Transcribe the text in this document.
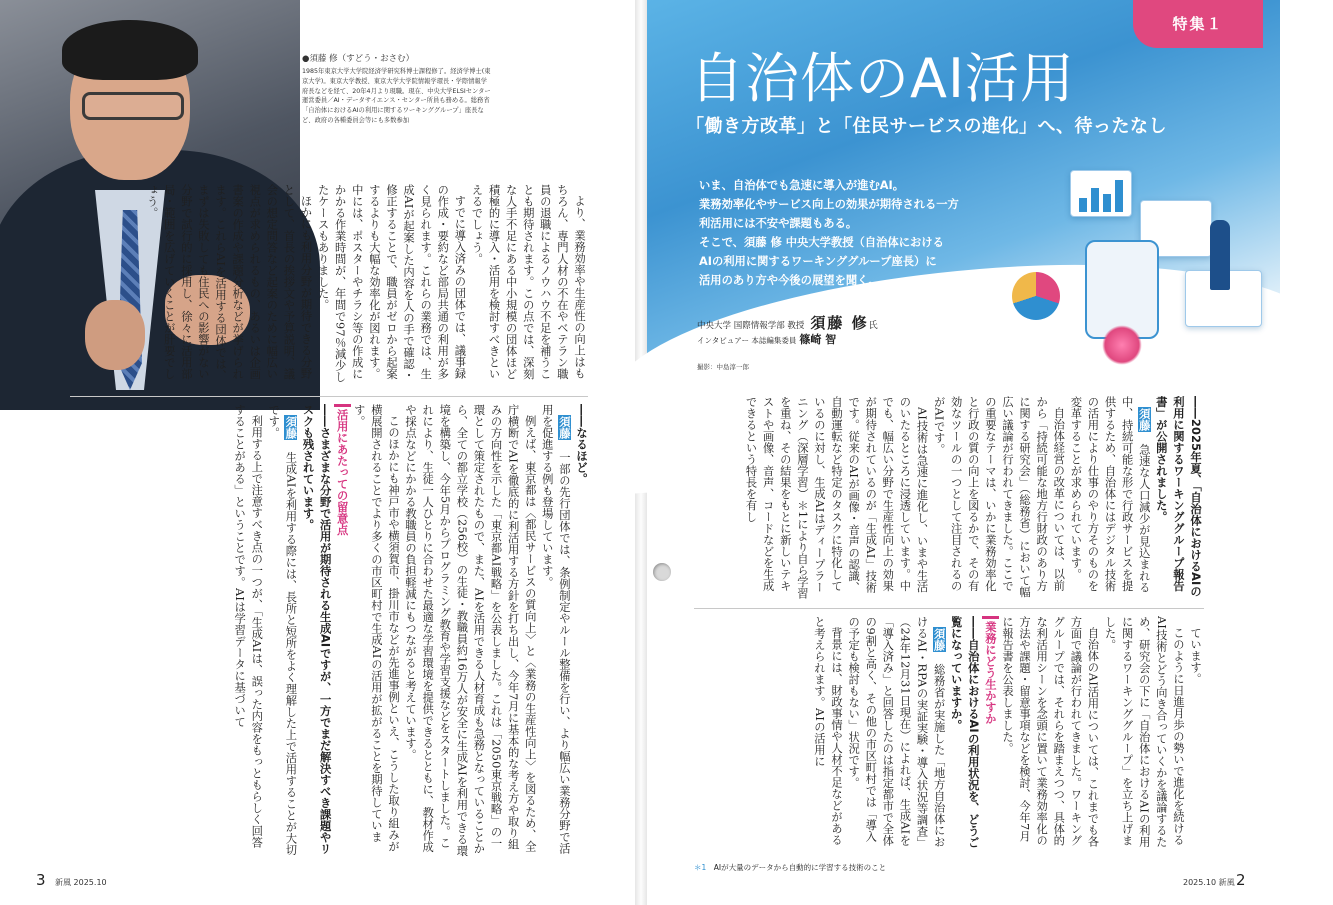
●須藤 修（すどう・おさむ）
1985年東京大学大学院経済学研究科博士課程修了。経済学博士(東京大学)。東京大学教授、東京大学大学院情報学環長・学際情報学府長などを経て、20年4月より現職。現在、中央大学ELSIセンター運営委員／AI・データサイエンス・センター所員も務める。総務省「自治体におけるAIの利用に関するワーキンググループ」座長など、政府の各種委員会等にも多数参加

より、業務効率や生産性の向上はもちろん、専門人材の不在やベテラン職員の退職によるノウハウ不足を補うことも期待されます。この点では、深刻な人手不足にある中小規模の団体ほど積極的に導入・活用を検討すべきといえるでしょう。

すでに導入済みの団体では、議事録の作成・要約など部局共通の利用が多く見られます。これらの業務では、生成AIが起案した内容を人の手で確認・修正することで、職員がゼロから起案するよりも大幅な効率化が図れます。中には、ポスターやチラシ等の作成にかかる作業時間が、年間で97％減少したケースもありました。

ほかにも利用分野が期待できる分野として、首長の挨拶文や予算説明、議会の想定問答など起案のために幅広い視点が求められるもの、あるいは企画書案の作成や課題分析などが挙げられます。これらAIを活用する団体では、まずは失敗しても住民への影響がない分野で試行的に採用し、徐々に活用部局・範囲を広げていくことが肝要でしょう。

――なるほど。

須藤　一部の先行団体では、条例制定やルール整備を行い、より幅広い業務分野で活用を促進する例も登場しています。

例えば、東京都は〈都民サービスの質向上〉と〈業務の生産性向上〉を図るため、全庁横断でAIを徹底的に利活用する方針を打ち出し、今年7月に基本的な考え方や取り組みの方向性を示した「東京都AI戦略」を公表しました。これは「2050東京戦略」の一環として策定されたもので、また、AIを活用できる人材育成も急務となっていることから、全ての都立学校（256校）の生徒・教職員約16万人が安全に生成AIを利用できる環境を構築し、今年5月からプログラミング教育や学習支援などをスタートしました。これにより、生徒一人ひとりに合わせた最適な学習環境を提供できるとともに、教材作成や採点などにかかる教職員の負担軽減にもつながると考えています。

このほかにも神戸市や横須賀市、掛川市などが先進事例といえ、こうした取り組みが横展開されることでより多くの市区町村で生成AIの活用が拡がることを期待しています。

活用にあたっての留意点

――さまざまな分野で活用が期待される生成AIですが、一方でまだ解決すべき課題やリスクも残されています。

須藤　生成AIを利用する際には、長所と短所をよく理解した上で活用することが大切です。

利用する上で注意すべき点の一つが、「生成AIは、誤った内容をもっともらしく回答することがある」ということです。AIは学習データに基づいて

3 新風 2025.10
特集１
自治体のAI活用
「働き方改革」と「住民サービスの進化」へ、待ったなし
いま、自治体でも急速に導入が進むAI。
業務効率化やサービス向上の効果が期待される一方
利活用には不安や課題もある。
そこで、須藤 修 中央大学教授（自治体における
AIの利用に関するワーキンググループ座長）に
活用のあり方や今後の展望を聞く。
中央大学 国際情報学部 教授 須藤 修氏
インタビュアー 本誌編集委員 篠崎 智
撮影：中島淳一郎

――2025年夏、「自治体におけるAIの利用に関するワーキンググループ報告書」が公開されました。

須藤　急速な人口減少が見込まれる中、持続可能な形で行政サービスを提供するため、自治体にはデジタル技術の活用により仕事のやり方そのものを変革することが求められています。

自治体経営の改革については、以前から「持続可能な地方行財政のあり方に関する研究会」（総務省）において幅広い議論が行われてきました。ここでの重要なテーマは、いかに業務効率化と行政の質の向上を図るかで、その有効なツールの一つとして注目されるのがAIです。

AI技術は急速に進化し、いまや生活のいたるところに浸透しています。中でも、幅広い分野で生産性向上の効果が期待されているのが「生成AI」技術です。従来のAIが画像・音声の認識、自動運転など特定のタスクに特化しているのに対し、生成AIはディープラーニング（深層学習）＊1により自ら学習を重ね、その結果をもとに新しいテキストや画像、音声、コードなどを生成できるという特長を有し

ています。

このように日進月歩の勢いで進化を続けるAI技術とどう向き合っていくかを議論するため、研究会の下に「自治体におけるAIの利用に関するワーキンググループ」を立ち上げました。

自治体のAI活用については、これまでも各方面で議論が行われてきました。ワーキンググループでは、それらを踏まえつつ、具体的な利活用シーンを念頭に置いて業務効率化の方法や課題・留意事項などを検討、今年7月に報告書を公表しました。

業務にどう生かすか

――自治体におけるAIの利用状況を、どうご覧になっていますか。

須藤　総務省が実施した「地方自治体におけるAI・RPAの実証実験・導入状況等調査」（24年12月31日現在）によれば、生成AIを「導入済み」と回答したのは指定都市で全体の9割と高く、その他の市区町村では「導入の予定も検討もない」状況です。

背景には、財政事情や人材不足などがあると考えられます。AIの活用に

＊1　AIが大量のデータから自動的に学習する技術のこと
2025.10 新風 2
